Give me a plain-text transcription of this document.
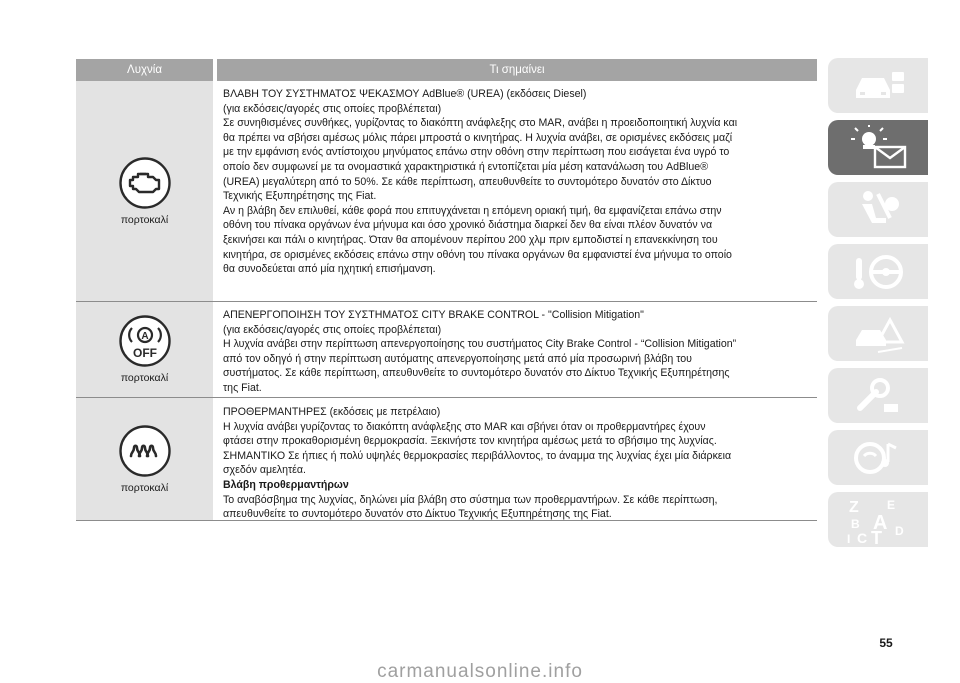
Λυχνία	Τι σημαίνει
πορτοκαλί

ΒΛΑΒΗ ΤΟΥ ΣΥΣΤΗΜΑΤΟΣ ΨΕΚΑΣΜΟΥ AdBlue® (UREA) (εκδόσεις Diesel)

(για εκδόσεις/αγορές στις οποίες προβλέπεται)

Σε συνηθισμένες συνθήκες, γυρίζοντας το διακόπτη ανάφλεξης στο MAR, ανάβει η προειδοποιητική λυχνία και

θα πρέπει να σβήσει αμέσως μόλις πάρει μπροστά ο κινητήρας. Η λυχνία ανάβει, σε ορισμένες εκδόσεις μαζί

με την εμφάνιση ενός αντίστοιχου μηνύματος επάνω στην οθόνη στην περίπτωση που εισάγεται ένα υγρό το

οποίο δεν συμφωνεί με τα ονομαστικά χαρακτηριστικά ή εντοπίζεται μία μέση κατανάλωση του AdBlue®

(UREA) μεγαλύτερη από το 50%. Σε κάθε περίπτωση, απευθυνθείτε το συντομότερο δυνατόν στο Δίκτυο

Τεχνικής Εξυπηρέτησης της Fiat.

Αν η βλάβη δεν επιλυθεί, κάθε φορά που επιτυγχάνεται η επόμενη οριακή τιμή, θα εμφανίζεται επάνω στην

οθόνη του πίνακα οργάνων ένα μήνυμα και όσο χρονικό διάστημα διαρκεί δεν θα είναι πλέον δυνατόν να

ξεκινήσει και πάλι ο κινητήρας. Όταν θα απομένουν περίπου 200 χλμ πριν εμποδιστεί η επανεκκίνηση του

κινητήρα, σε ορισμένες εκδόσεις επάνω στην οθόνη του πίνακα οργάνων θα εμφανιστεί ένα μήνυμα το οποίο

θα συνοδεύεται από μία ηχητική επισήμανση.

A
OFF
πορτοκαλί

ΑΠΕΝΕΡΓΟΠΟΙΗΣΗ ΤΟΥ ΣΥΣΤΗΜΑΤΟΣ CITY BRAKE CONTROL - "Collision Mitigation"

(για εκδόσεις/αγορές στις οποίες προβλέπεται)

Η λυχνία ανάβει στην περίπτωση απενεργοποίησης του συστήματος City Brake Control - “Collision Mitigation”

από τον οδηγό ή στην περίπτωση αυτόματης απενεργοποίησης μετά από μία προσωρινή βλάβη του

συστήματος. Σε κάθε περίπτωση, απευθυνθείτε το συντομότερο δυνατόν στο Δίκτυο Τεχνικής Εξυπηρέτησης

της Fiat.

πορτοκαλί

ΠΡΟΘΕΡΜΑΝΤΗΡΕΣ (εκδόσεις με πετρέλαιο)

Η λυχνία ανάβει γυρίζοντας το διακόπτη ανάφλεξης στο MAR και σβήνει όταν οι προθερμαντήρες έχουν

φτάσει στην προκαθορισμένη θερμοκρασία. Ξεκινήστε τον κινητήρα αμέσως μετά το σβήσιμο της λυχνίας.

ΣΗΜΑΝΤΙΚΟ Σε ήπιες ή πολύ υψηλές θερμοκρασίες περιβάλλοντος, το άναμμα της λυχνίας έχει μία διάρκεια

σχεδόν αμελητέα.

Βλάβη προθερμαντήρων

Το αναβόσβημα της λυχνίας, δηλώνει μία βλάβη στο σύστημα των προθερμαντήρων. Σε κάθε περίπτωση,

απευθυνθείτε το συντομότερο δυνατόν στο Δίκτυο Τεχνικής Εξυπηρέτησης της Fiat.	Z E
B A
I C T D
55
carmanualsonline.info
